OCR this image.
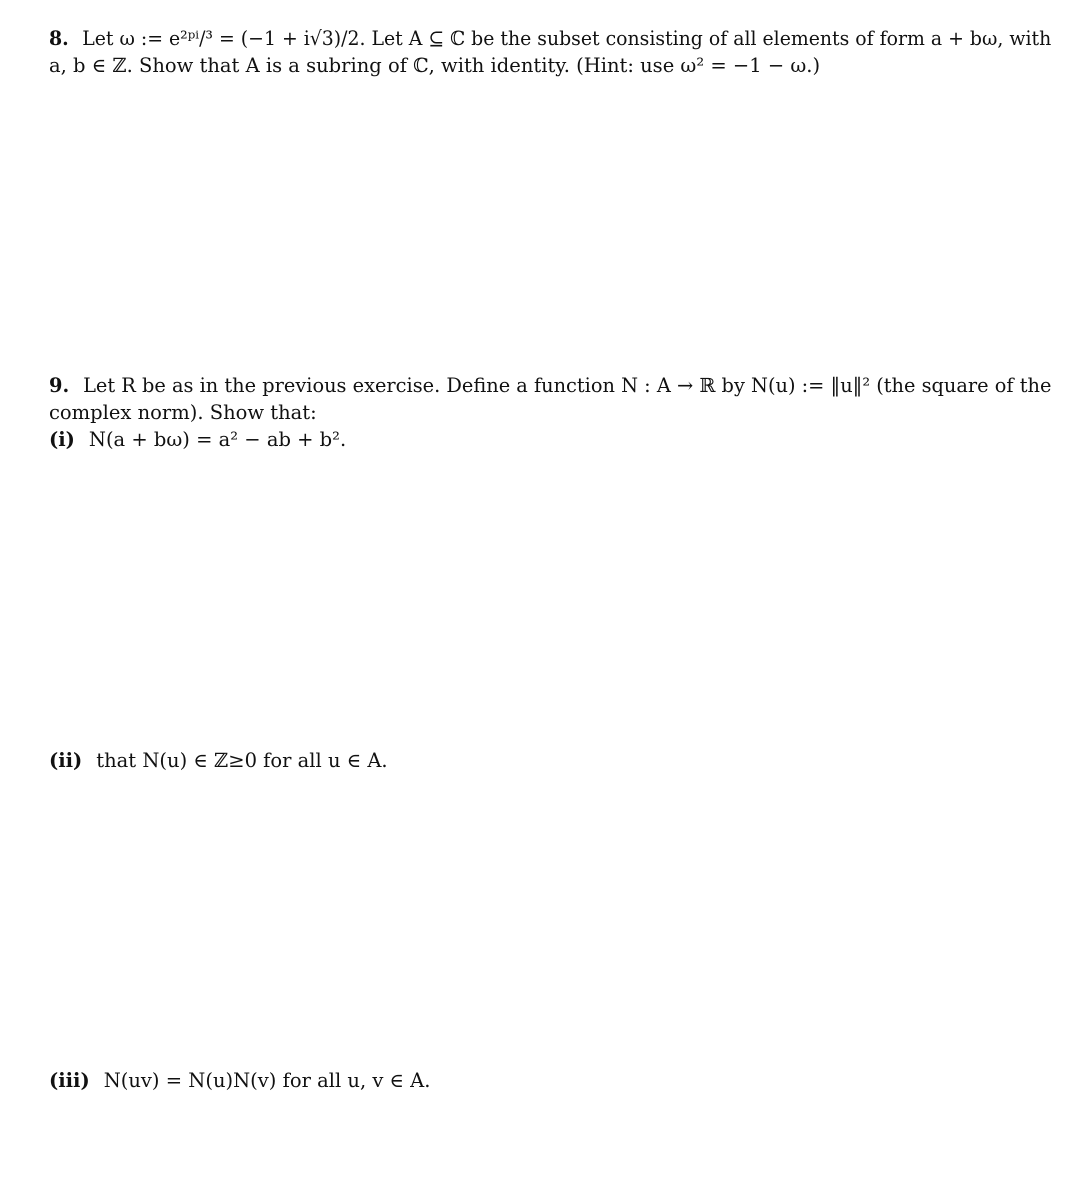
8. Let ω := e²ᵖⁱ/³ = (−1 + i√3)/2. Let A ⊆ ℂ be the subset consisting of all elements of form a + bω, with

a, b ∈ ℤ. Show that A is a subring of ℂ, with identity. (Hint: use ω² = −1 − ω.)

9. Let R be as in the previous exercise. Define a function N : A → ℝ by N(u) := ‖u‖² (the square of the

complex norm). Show that:

(i) N(a + bω) = a² − ab + b².

(ii) that N(u) ∈ ℤ≥0 for all u ∈ A.

(iii) N(uv) = N(u)N(v) for all u, v ∈ A.
